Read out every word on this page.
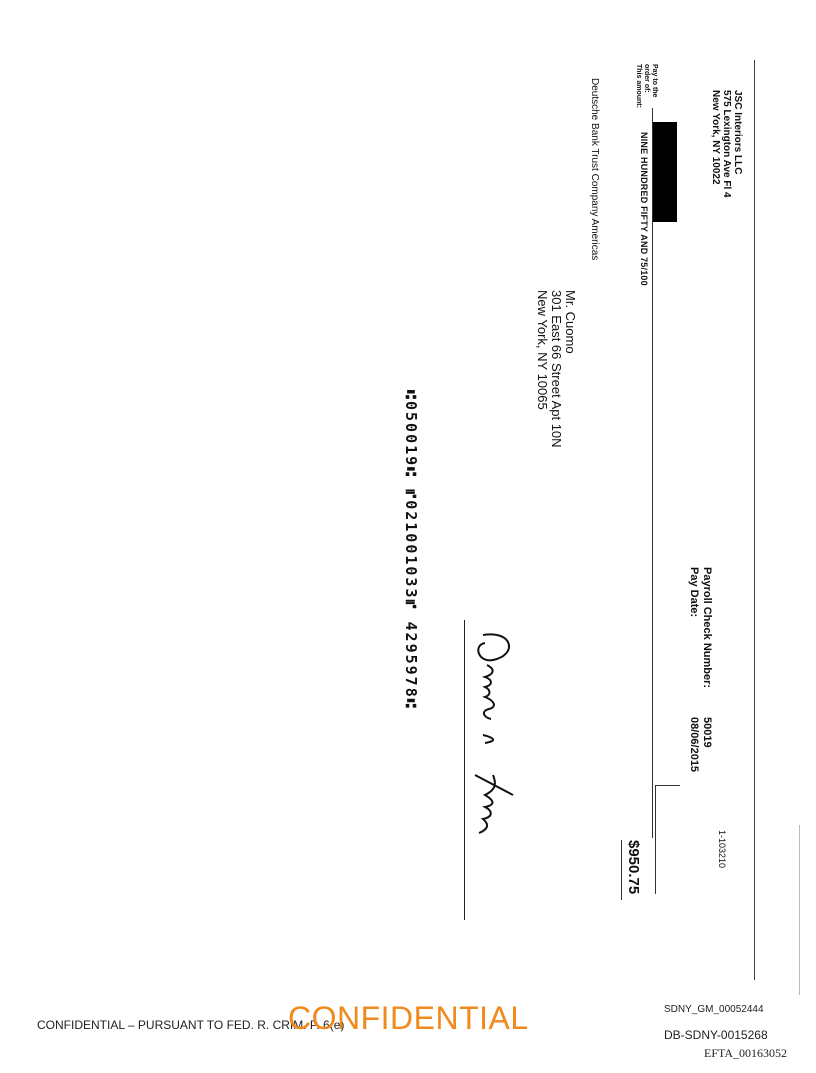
JSC Interiors LLC
575 Lexington Ave Fl 4
New York, NY 10022
Payroll Check Number:
50019
Pay Date:
08/06/2015
1-103210
Pay to the
order of:
This amount:
NINE HUNDRED FIFTY AND 75/100
$950.75
Deutsche Bank Trust Company Americas
Mr. Cuomo
301 East 66 Street Apt 10N
New York, NY 10065
⑆050019⑆ ⑈021001033⑈ 4295978⑆
CONFIDENTIAL – PURSUANT TO FED. R. CRIM. P. 6(e)
CONFIDENTIAL	SDNY_GM_00052444
DB-SDNY-0015268
EFTA_00163052
